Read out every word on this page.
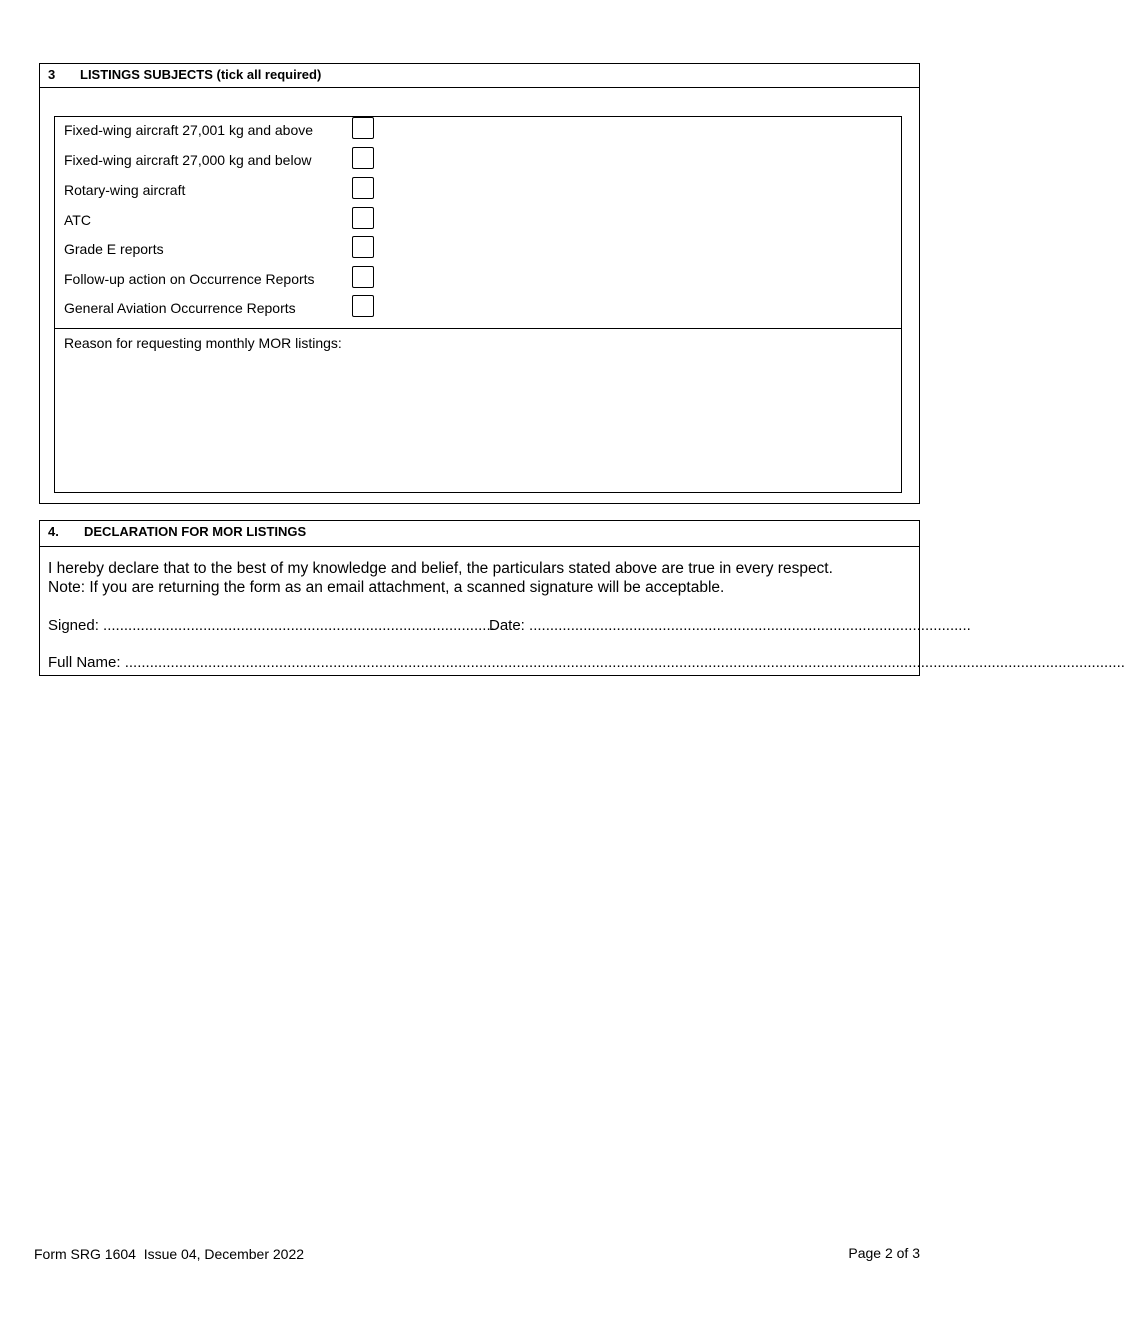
3 LISTINGS SUBJECTS (tick all required)
Fixed-wing aircraft 27,001 kg and above
Fixed-wing aircraft 27,000 kg and below
Rotary-wing aircraft
ATC
Grade E reports
Follow-up action on Occurrence Reports
General Aviation Occurrence Reports
Reason for requesting monthly MOR listings:
4. DECLARATION FOR MOR LISTINGS
I hereby declare that to the best of my knowledge and belief, the particulars stated above are true in every respect.
Note: If you are returning the form as an email attachment, a scanned signature will be acceptable.
Signed: ..............................................................................................
Date: ..........................................................................................................
Full Name: ................................................................................................................................................................................................................................................
Form SRG 1604  Issue 04, December 2022	Page 2 of 3
